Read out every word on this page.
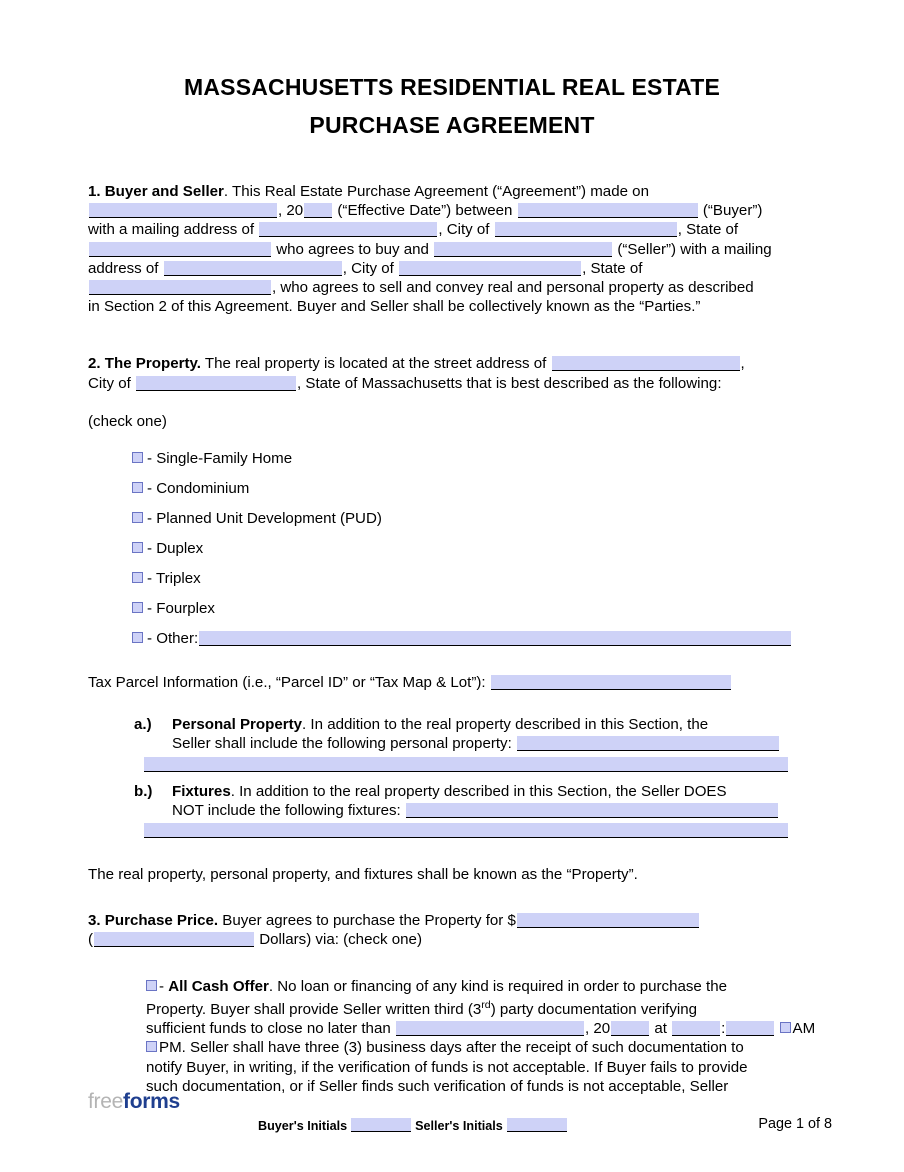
MASSACHUSETTS RESIDENTIAL REAL ESTATE
PURCHASE AGREEMENT

1. Buyer and Seller. This Real Estate Purchase Agreement (“Agreement”) made on
, 20 (“Effective Date”) between	(“Buyer”)
with a mailing address of	, City of	, State of
who agrees to buy and	(“Seller”) with a mailing
address of	, City of	, State of
, who agrees to sell and convey real and personal property as described
in Section 2 of this Agreement. Buyer and Seller shall be collectively known as the “Parties.”

2. The Property. The real property is located at the street address of	,
City of	, State of Massachusetts that is best described as the following:

(check one)

- Single-Family Home
- Condominium
- Planned Unit Development (PUD)
- Duplex
- Triplex
- Fourplex
- Other:

Tax Parcel Information (i.e., “Parcel ID” or “Tax Map & Lot”):

a.) Personal Property. In addition to the real property described in this Section, the
Seller shall include the following personal property:
b.) Fixtures. In addition to the real property described in this Section, the Seller DOES
NOT include the following fixtures:

The real property, personal property, and fixtures shall be known as the “Property”.

3. Purchase Price. Buyer agrees to purchase the Property for $
(	Dollars) via: (check one)

- All Cash Offer. No loan or financing of any kind is required in order to purchase the
Property. Buyer shall provide Seller written third (3rd) party documentation verifying
sufficient funds to close no later than	, 20	at	:	AM
PM. Seller shall have three (3) business days after the receipt of such documentation to
notify Buyer, in writing, if the verification of funds is not acceptable. If Buyer fails to provide
such documentation, or if Seller finds such verification of funds is not acceptable, Seller

freeforms
Buyer's Initials	Seller's Initials	Page 1 of 8
